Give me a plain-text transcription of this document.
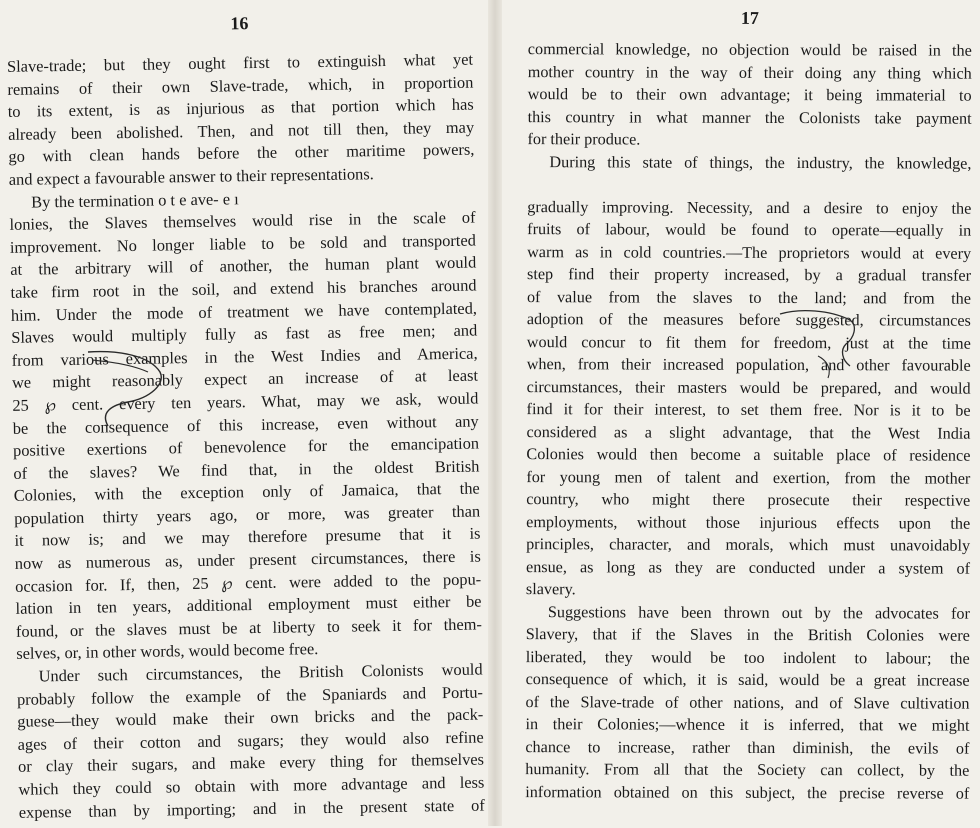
16
Slave-trade; but they ought first to extinguish what yet
remains of their own Slave-trade, which, in proportion
to its extent, is as injurious as that portion which has
already been abolished. Then, and not till then, they may
go with clean hands before the other maritime powers,
and expect a favourable answer to their representations.
By the termination o t e ave- e ı
lonies, the Slaves themselves would rise in the scale of
improvement. No longer liable to be sold and transported
at the arbitrary will of another, the human plant would
take firm root in the soil, and extend his branches around
him. Under the mode of treatment we have contemplated,
Slaves would multiply fully as fast as free men; and
from various examples in the West Indies and America,
we might reasonably expect an increase of at least
25 ℘ cent. every ten years. What, may we ask, would
be the consequence of this increase, even without any
positive exertions of benevolence for the emancipation
of the slaves? We find that, in the oldest British
Colonies, with the exception only of Jamaica, that the
population thirty years ago, or more, was greater than
it now is; and we may therefore presume that it is
now as numerous as, under present circumstances, there is
occasion for. If, then, 25 ℘ cent. were added to the popu-
lation in ten years, additional employment must either be
found, or the slaves must be at liberty to seek it for them-
selves, or, in other words, would become free.
Under such circumstances, the British Colonists would
probably follow the example of the Spaniards and Portu-
guese—they would make their own bricks and the pack-
ages of their cotton and sugars; they would also refine
or clay their sugars, and make every thing for themselves
which they could so obtain with more advantage and less
expense than by importing; and in the present state of
17
commercial knowledge, no objection would be raised in the
mother country in the way of their doing any thing which
would be to their own advantage; it being immaterial to
this country in what manner the Colonists take payment
for their produce.
During this state of things, the industry, the knowledge,
gradually improving. Necessity, and a desire to enjoy the
fruits of labour, would be found to operate—equally in
warm as in cold countries.—The proprietors would at every
step find their property increased, by a gradual transfer
of value from the slaves to the land; and from the
adoption of the measures before suggested, circumstances
would concur to fit them for freedom, just at the time
when, from their increased population, and other favourable
circumstances, their masters would be prepared, and would
find it for their interest, to set them free. Nor is it to be
considered as a slight advantage, that the West India
Colonies would then become a suitable place of residence
for young men of talent and exertion, from the mother
country, who might there prosecute their respective
employments, without those injurious effects upon the
principles, character, and morals, which must unavoidably
ensue, as long as they are conducted under a system of
slavery.
Suggestions have been thrown out by the advocates for
Slavery, that if the Slaves in the British Colonies were
liberated, they would be too indolent to labour; the
consequence of which, it is said, would be a great increase
of the Slave-trade of other nations, and of Slave cultivation
in their Colonies;—whence it is inferred, that we might
chance to increase, rather than diminish, the evils of
humanity. From all that the Society can collect, by the
information obtained on this subject, the precise reverse of
